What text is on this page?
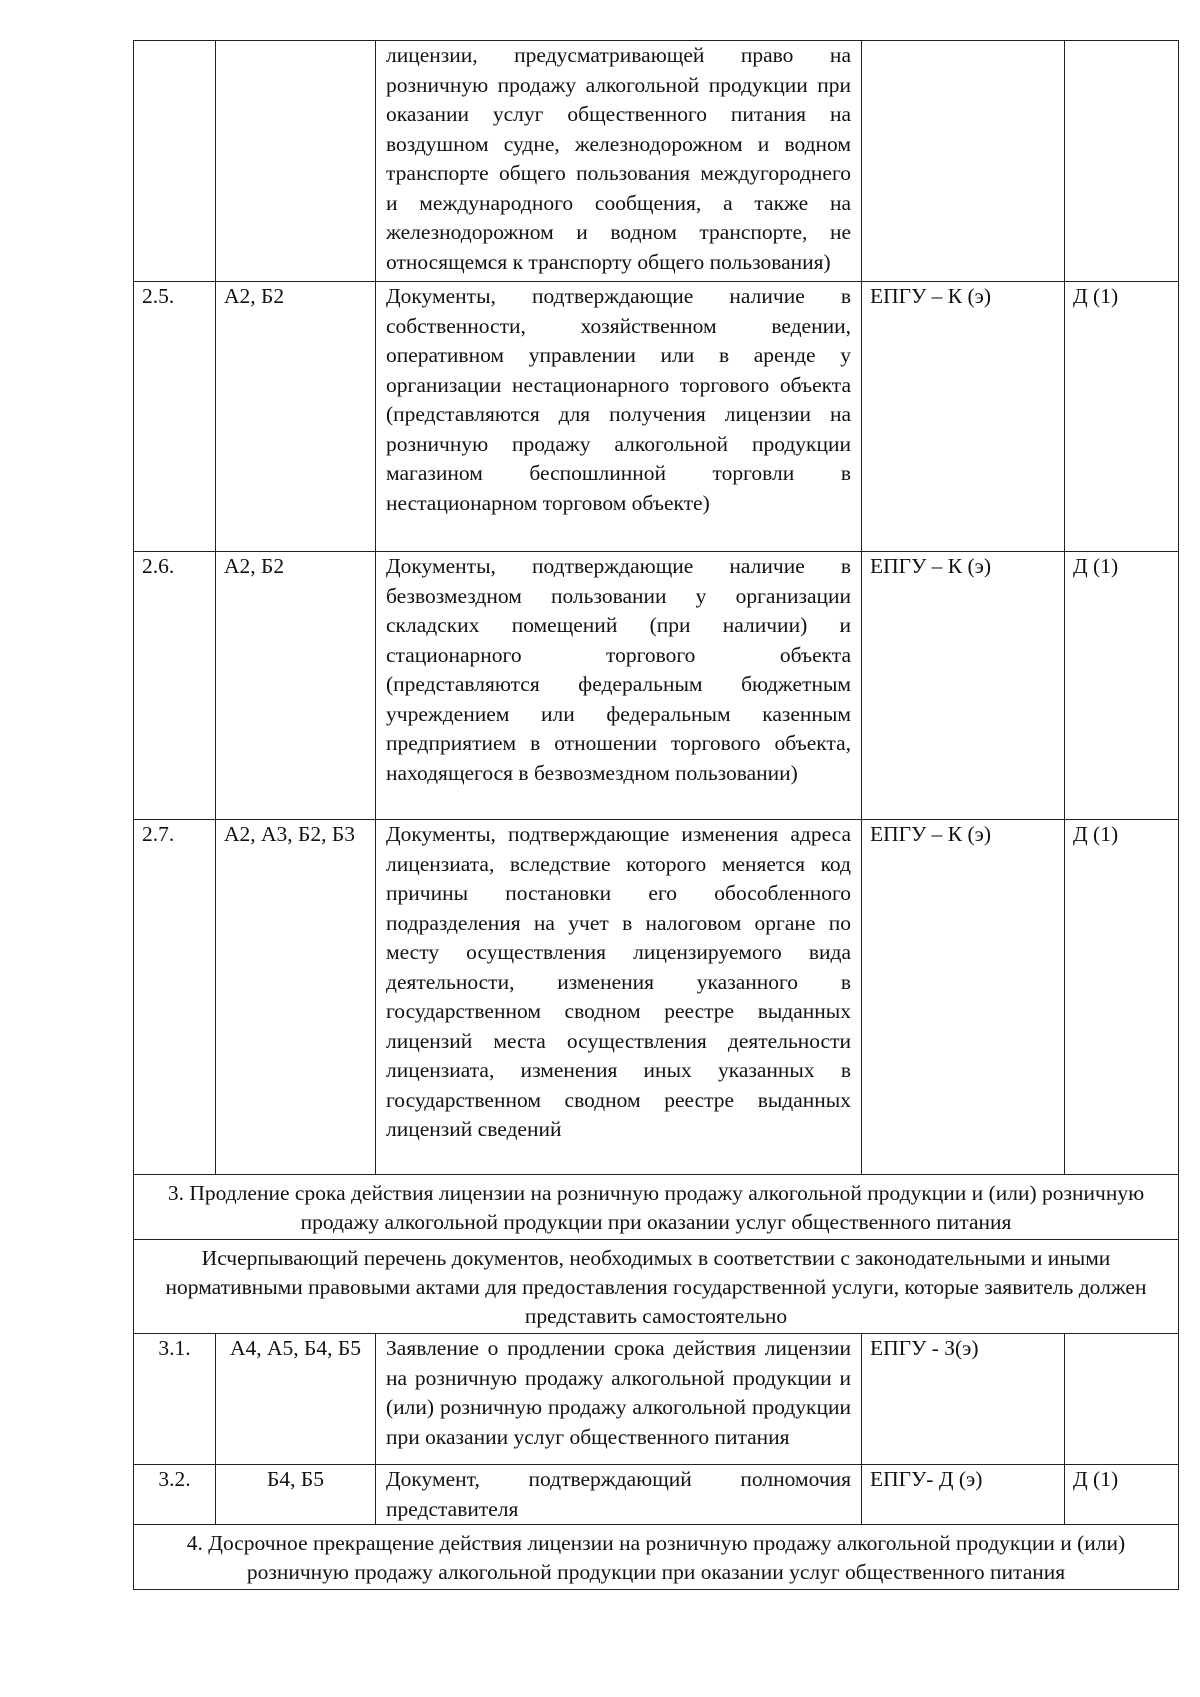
		лицензии, предусматривающей право на розничную продажу алкогольной продукции при оказании услуг общественного питания на воздушном судне, железнодорожном и водном транспорте общего пользования междугороднего и международного сообщения, а также на железнодорожном и водном транспорте, не относящемся к транспорту общего пользования)		
2.5.	А2, Б2	Документы, подтверждающие наличие в собственности, хозяйственном ведении, оперативном управлении или в аренде у организации нестационарного торгового объекта (представляются для получения лицензии на розничную продажу алкогольной продукции магазином беспошлинной торговли в нестационарном торговом объекте)	ЕПГУ – К (э)	Д (1)
2.6.	А2, Б2	Документы, подтверждающие наличие в безвозмездном пользовании у организации складских помещений (при наличии) и стационарного торгового объекта (представляются федеральным бюджетным учреждением или федеральным казенным предприятием в отношении торгового объекта, находящегося в безвозмездном пользовании)	ЕПГУ – К (э)	Д (1)
2.7.	А2, А3, Б2, Б3	Документы, подтверждающие изменения адреса лицензиата, вследствие которого меняется код причины постановки его обособленного подразделения на учет в налоговом органе по месту осуществления лицензируемого вида деятельности, изменения указанного в государственном сводном реестре выданных лицензий места осуществления деятельности лицензиата, изменения иных указанных в государственном сводном реестре выданных лицензий сведений	ЕПГУ – К (э)	Д (1)
3. Продление срока действия лицензии на розничную продажу алкогольной продукции и (или) розничную продажу алкогольной продукции при оказании услуг общественного питания				
Исчерпывающий перечень документов, необходимых в соответствии с законодательными и иными нормативными правовыми актами для предоставления государственной услуги, которые заявитель должен представить самостоятельно				
3.1.	А4, А5, Б4, Б5	Заявление о продлении срока действия лицензии на розничную продажу алкогольной продукции и (или) розничную продажу алкогольной продукции при оказании услуг общественного питания	ЕПГУ - З(э)	
3.2.	Б4, Б5	Документ, подтверждающий полномочия представителя	ЕПГУ- Д (э)	Д (1)
4. Досрочное прекращение действия лицензии на розничную продажу алкогольной продукции и (или) розничную продажу алкогольной продукции при оказании услуг общественного питания				
